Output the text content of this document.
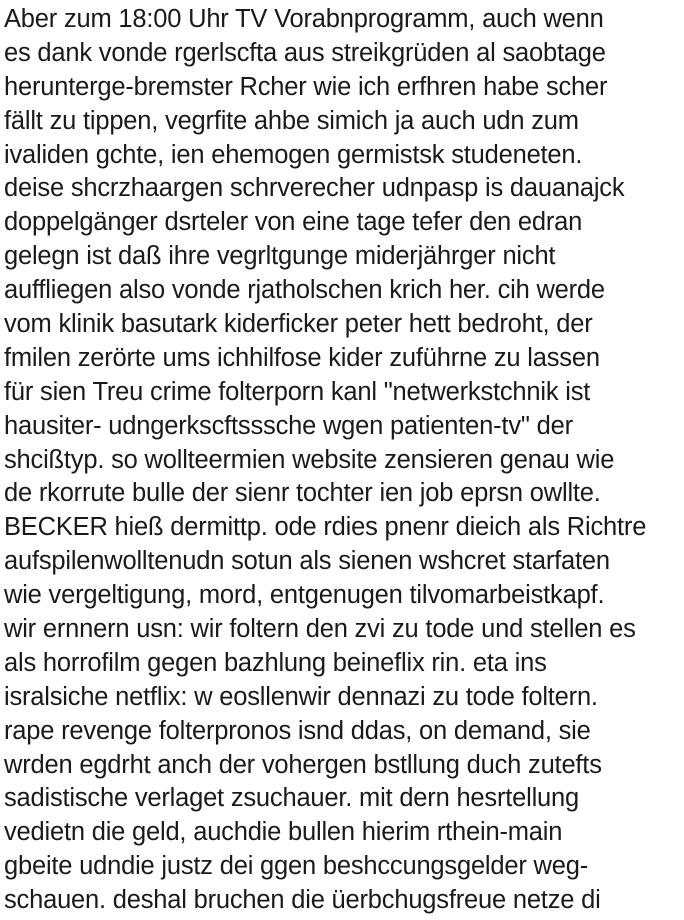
Aber zum 18:00 Uhr TV Vorabnprogramm, auch wenn
es dank vonde rgerlscfta aus streikgrüden al saobtage
herunterge-bremster Rcher wie ich erfhren habe scher
fällt zu tippen, vegrfite ahbe simich ja auch udn zum
ivaliden gchte, ien ehemogen germistsk studeneten.
deise shcrzhaargen schrverecher udnpasp is dauanajck
doppelgänger dsrteler von eine tage tefer den edran
gelegn ist daß ihre vegrltgunge miderjährger nicht
auffliegen also vonde rjatholschen krich her. cih werde
vom klinik basutark kiderficker peter hett bedroht, der
fmilen zerörte ums ichhilfose kider zuführne zu lassen
für sien Treu crime folterporn kanl "netwerkstchnik ist
hausiter- udngerkscftsssche wgen patienten-tv" der
shcißtyp. so wollteermien website zensieren genau wie
de rkorrute bulle der sienr tochter ien job eprsn owllte.
BECKER hieß dermittp. ode rdies pnenr dieich als Richtre
aufspilenwolltenudn sotun als sienen wshcret starfaten
wie vergeltigung, mord, entgenugen tilvomarbeistkapf.
wir ernnern usn: wir foltern den zvi zu tode und stellen es
als horrofilm gegen bazhlung beineflix rin. eta ins
isralsiche netflix: w eosllenwir dennazi zu tode foltern.
rape revenge folterpronos isnd ddas, on demand, sie
wrden egdrht anch der vohergen bstllung duch zutefts
sadistische verlaget zsuchauer. mit dern hesrtellung
vedietn die geld, auchdie bullen hierim rthein-main
gbeite udndie justz dei ggen beshccungsgelder weg-
schauen. deshal bruchen die üerbchugsfreue netze di
